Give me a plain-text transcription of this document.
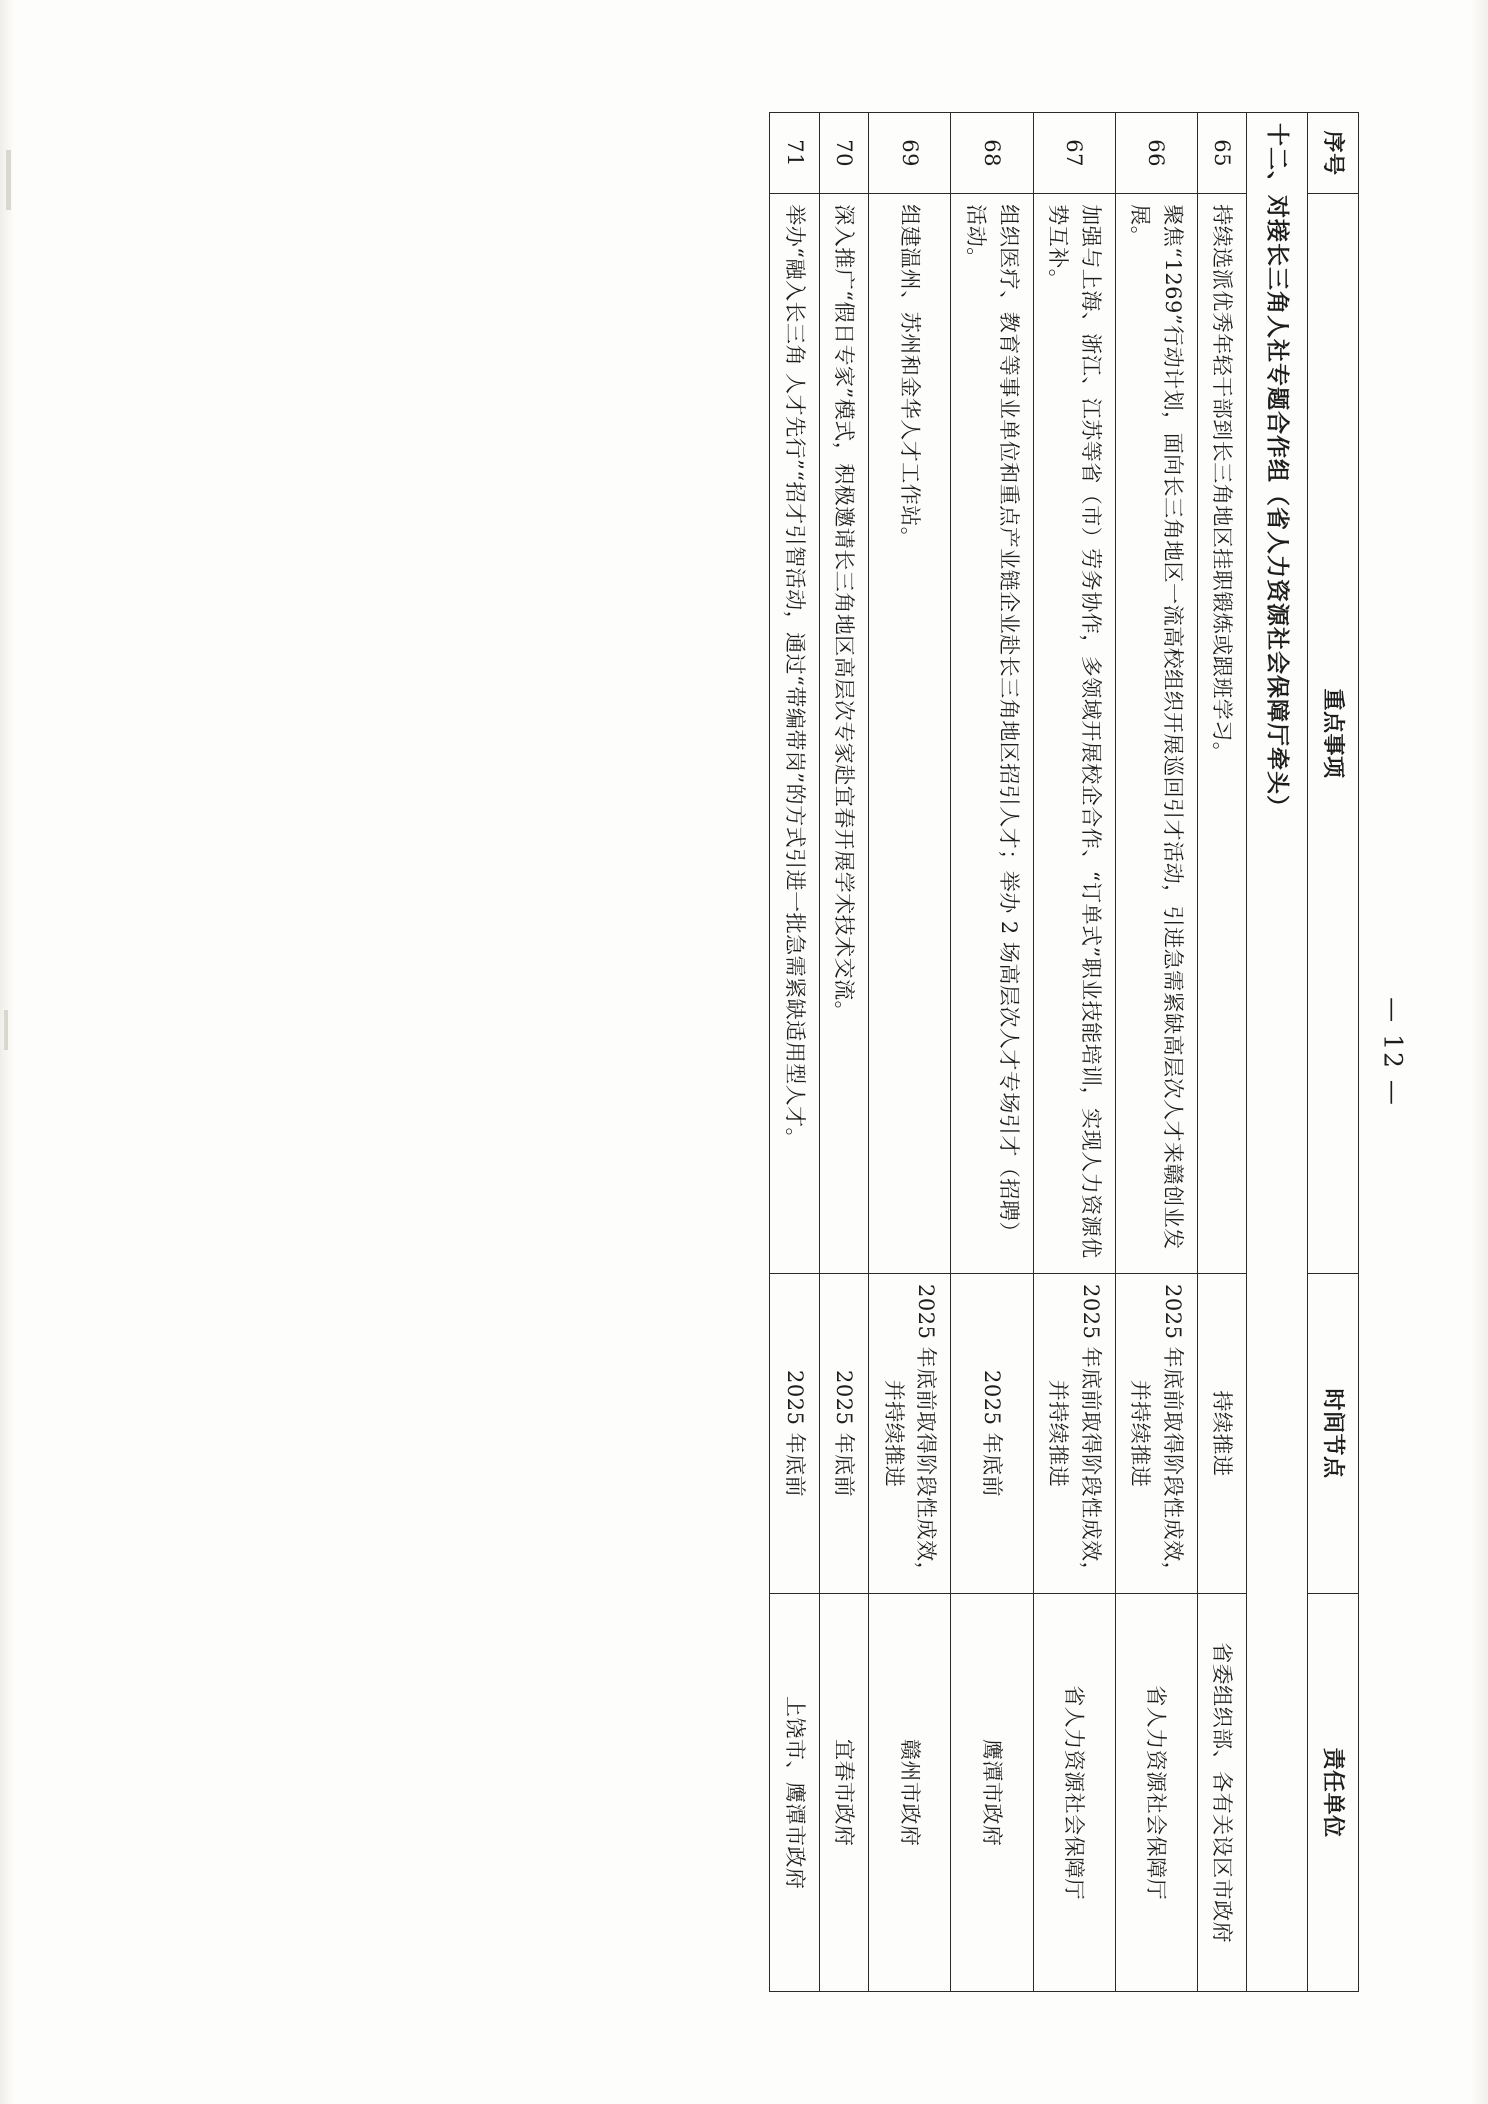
序号	重点事项	时间节点	责任单位
十二、对接长三角人社专题合作组（省人力资源社会保障厅牵头）			
65	持续选派优秀年轻干部到长三角地区挂职锻炼或跟班学习。	持续推进	省委组织部、各有关设区市政府
66	聚焦“1269”行动计划，面向长三角地区一流高校组织开展巡回引才活动，引进急需紧缺高层次人才来赣创业发展。	2025 年底前取得阶段性成效，并持续推进	省人力资源社会保障厅
67	加强与上海、浙江、江苏等省（市）劳务协作，多领域开展校企合作、“订单式”职业技能培训，实现人力资源优势互补。	2025 年底前取得阶段性成效，并持续推进	省人力资源社会保障厅
68	组织医疗、教育等事业单位和重点产业链企业赴长三角地区招引人才；举办 2 场高层次人才专场引才（招聘）活动。	2025 年底前	鹰潭市政府
69	组建温州、苏州和金华人才工作站。	2025 年底前取得阶段性成效，并持续推进	赣州市政府
70	深入推广“假日专家”模式，积极邀请长三角地区高层次专家赴宜春开展学术技术交流。	2025 年底前	宜春市政府
71	举办“融入长三角 人才先行”“招才引智活动，通过“带编带岗”的方式引进一批急需紧缺适用型人才。	2025 年底前	上饶市、鹰潭市政府
— 12 —
